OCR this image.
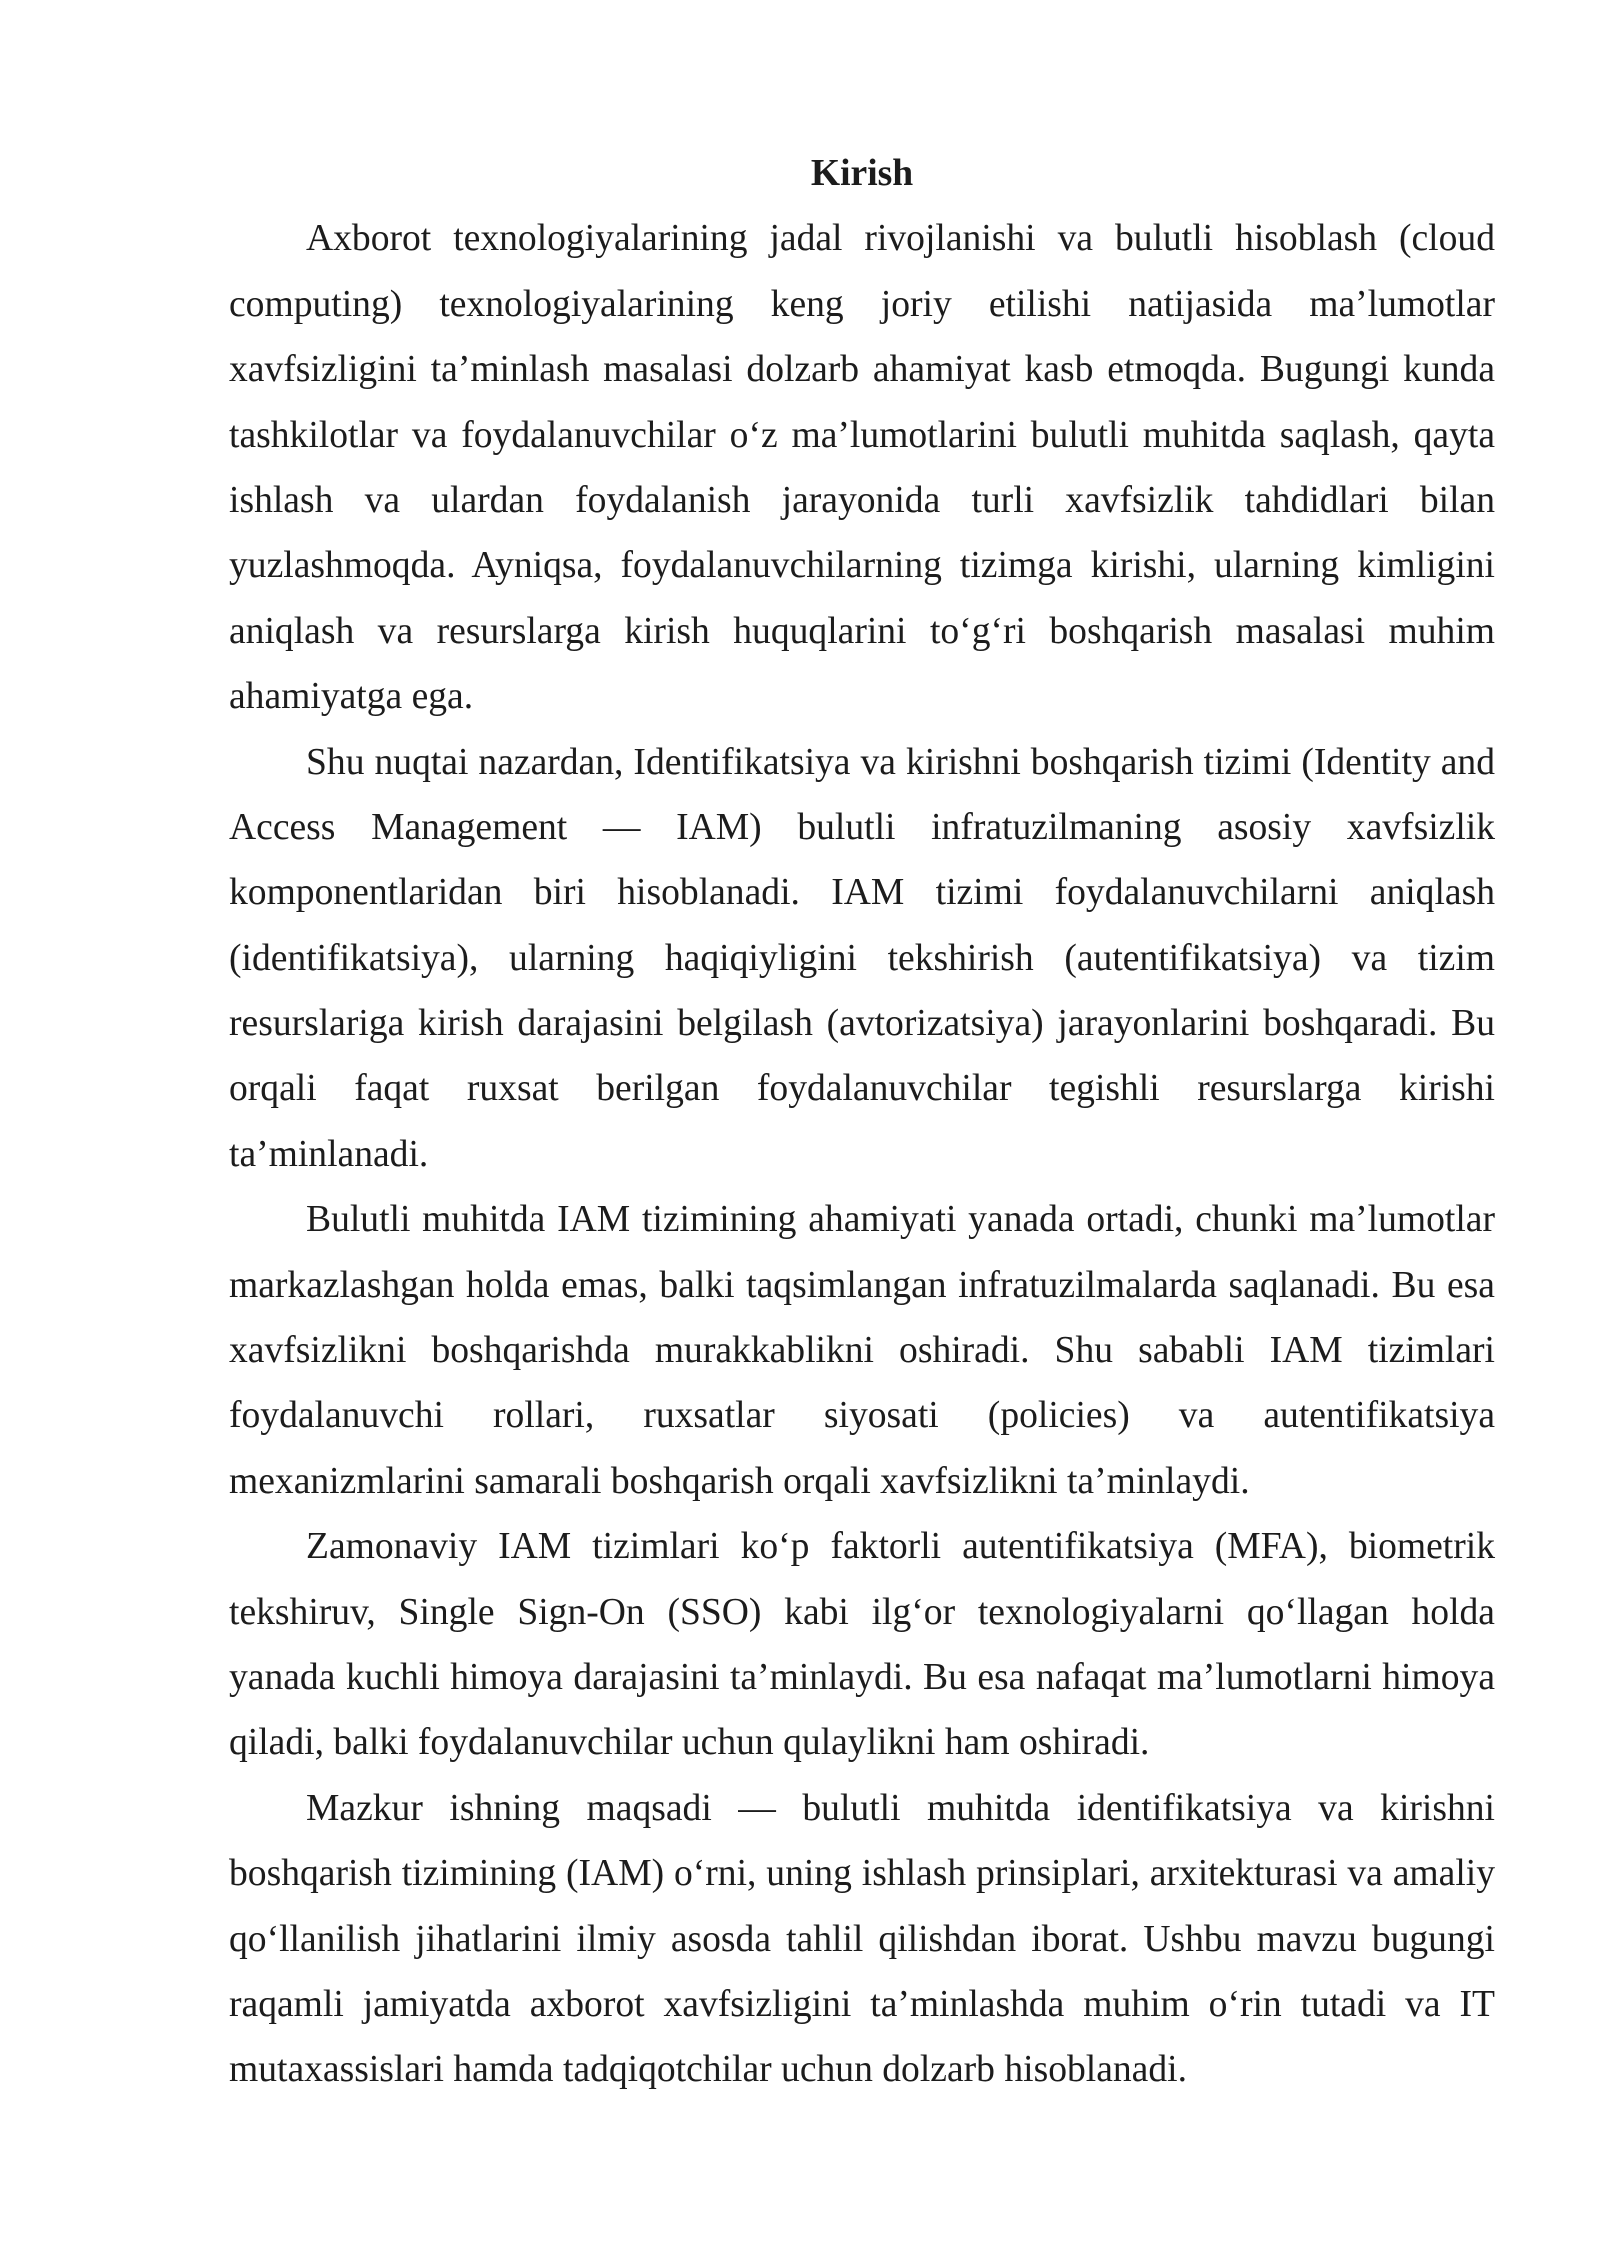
Kirish
Axborot texnologiyalarining jadal rivojlanishi va bulutli hisoblash (cloud
computing) texnologiyalarining keng joriy etilishi natijasida ma’lumotlar
xavfsizligini ta’minlash masalasi dolzarb ahamiyat kasb etmoqda. Bugungi kunda
tashkilotlar va foydalanuvchilar o‘z ma’lumotlarini bulutli muhitda saqlash, qayta
ishlash va ulardan foydalanish jarayonida turli xavfsizlik tahdidlari bilan
yuzlashmoqda. Ayniqsa, foydalanuvchilarning tizimga kirishi, ularning kimligini
aniqlash va resurslarga kirish huquqlarini to‘g‘ri boshqarish masalasi muhim
ahamiyatga ega.
Shu nuqtai nazardan, Identifikatsiya va kirishni boshqarish tizimi (Identity and
Access Management — IAM) bulutli infratuzilmaning asosiy xavfsizlik
komponentlaridan biri hisoblanadi. IAM tizimi foydalanuvchilarni aniqlash
(identifikatsiya), ularning haqiqiyligini tekshirish (autentifikatsiya) va tizim
resurslariga kirish darajasini belgilash (avtorizatsiya) jarayonlarini boshqaradi. Bu
orqali faqat ruxsat berilgan foydalanuvchilar tegishli resurslarga kirishi
ta’minlanadi.
Bulutli muhitda IAM tizimining ahamiyati yanada ortadi, chunki ma’lumotlar
markazlashgan holda emas, balki taqsimlangan infratuzilmalarda saqlanadi. Bu esa
xavfsizlikni boshqarishda murakkablikni oshiradi. Shu sababli IAM tizimlari
foydalanuvchi rollari, ruxsatlar siyosati (policies) va autentifikatsiya
mexanizmlarini samarali boshqarish orqali xavfsizlikni ta’minlaydi.
Zamonaviy IAM tizimlari ko‘p faktorli autentifikatsiya (MFA), biometrik
tekshiruv, Single Sign-On (SSO) kabi ilg‘or texnologiyalarni qo‘llagan holda
yanada kuchli himoya darajasini ta’minlaydi. Bu esa nafaqat ma’lumotlarni himoya
qiladi, balki foydalanuvchilar uchun qulaylikni ham oshiradi.
Mazkur ishning maqsadi — bulutli muhitda identifikatsiya va kirishni
boshqarish tizimining (IAM) o‘rni, uning ishlash prinsiplari, arxitekturasi va amaliy
qo‘llanilish jihatlarini ilmiy asosda tahlil qilishdan iborat. Ushbu mavzu bugungi
raqamli jamiyatda axborot xavfsizligini ta’minlashda muhim o‘rin tutadi va IT
mutaxassislari hamda tadqiqotchilar uchun dolzarb hisoblanadi.
